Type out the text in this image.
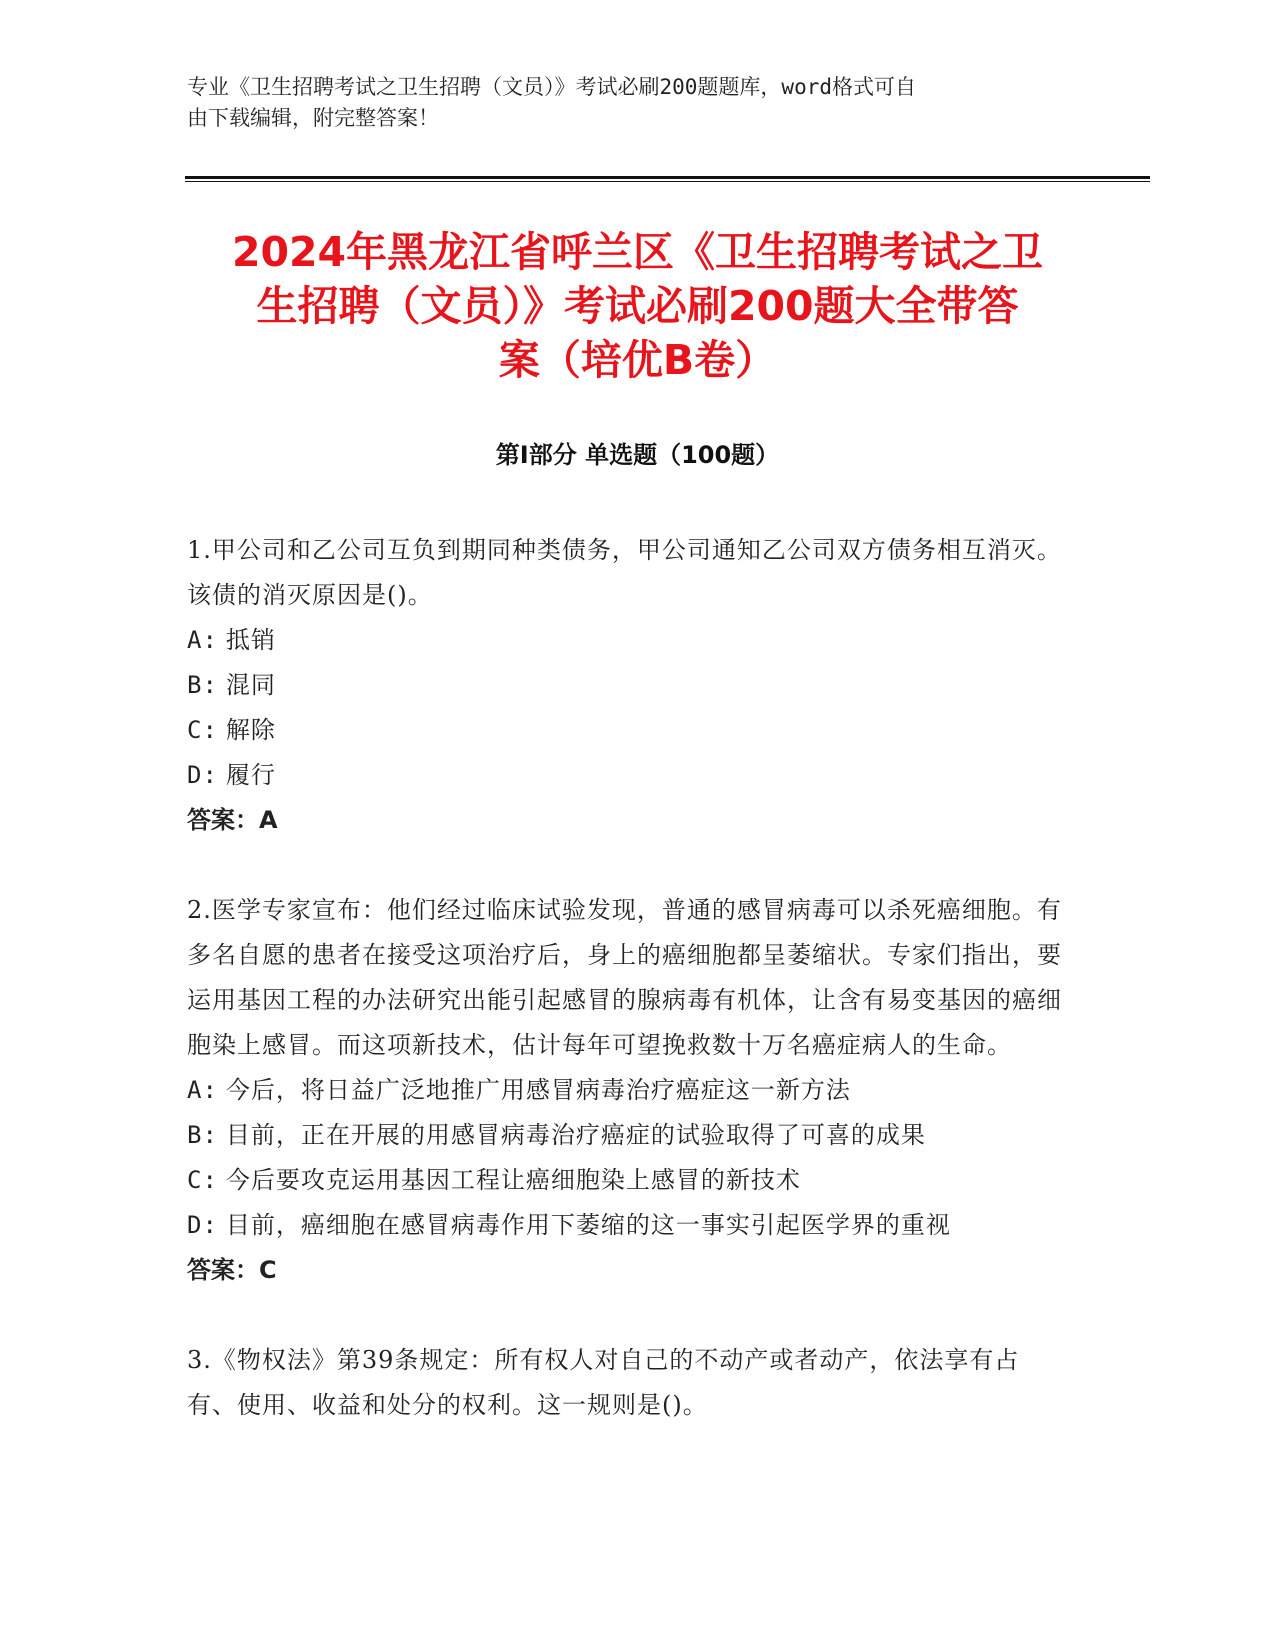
专业《卫生招聘考试之卫生招聘（文员）》考试必刷200题题库，word格式可自
由下载编辑，附完整答案！
2024年黑龙江省呼兰区《卫生招聘考试之卫
生招聘（文员）》考试必刷200题大全带答
案（培优B卷）
第Ⅰ部分 单选题（100题）

1.甲公司和乙公司互负到期同种类债务，甲公司通知乙公司双方债务相互消灭。该债的消灭原因是()。

A: 抵销

B: 混同

C: 解除

D: 履行

答案：A

2.医学专家宣布：他们经过临床试验发现，普通的感冒病毒可以杀死癌细胞。有多名自愿的患者在接受这项治疗后，身上的癌细胞都呈萎缩状。专家们指出，要运用基因工程的办法研究出能引起感冒的腺病毒有机体，让含有易变基因的癌细胞染上感冒。而这项新技术，估计每年可望挽救数十万名癌症病人的生命。

A: 今后，将日益广泛地推广用感冒病毒治疗癌症这一新方法

B: 目前，正在开展的用感冒病毒治疗癌症的试验取得了可喜的成果

C: 今后要攻克运用基因工程让癌细胞染上感冒的新技术

D: 目前，癌细胞在感冒病毒作用下萎缩的这一事实引起医学界的重视

答案：C

3.《物权法》第39条规定：所有权人对自己的不动产或者动产，依法享有占有、使用、收益和处分的权利。这一规则是()。
